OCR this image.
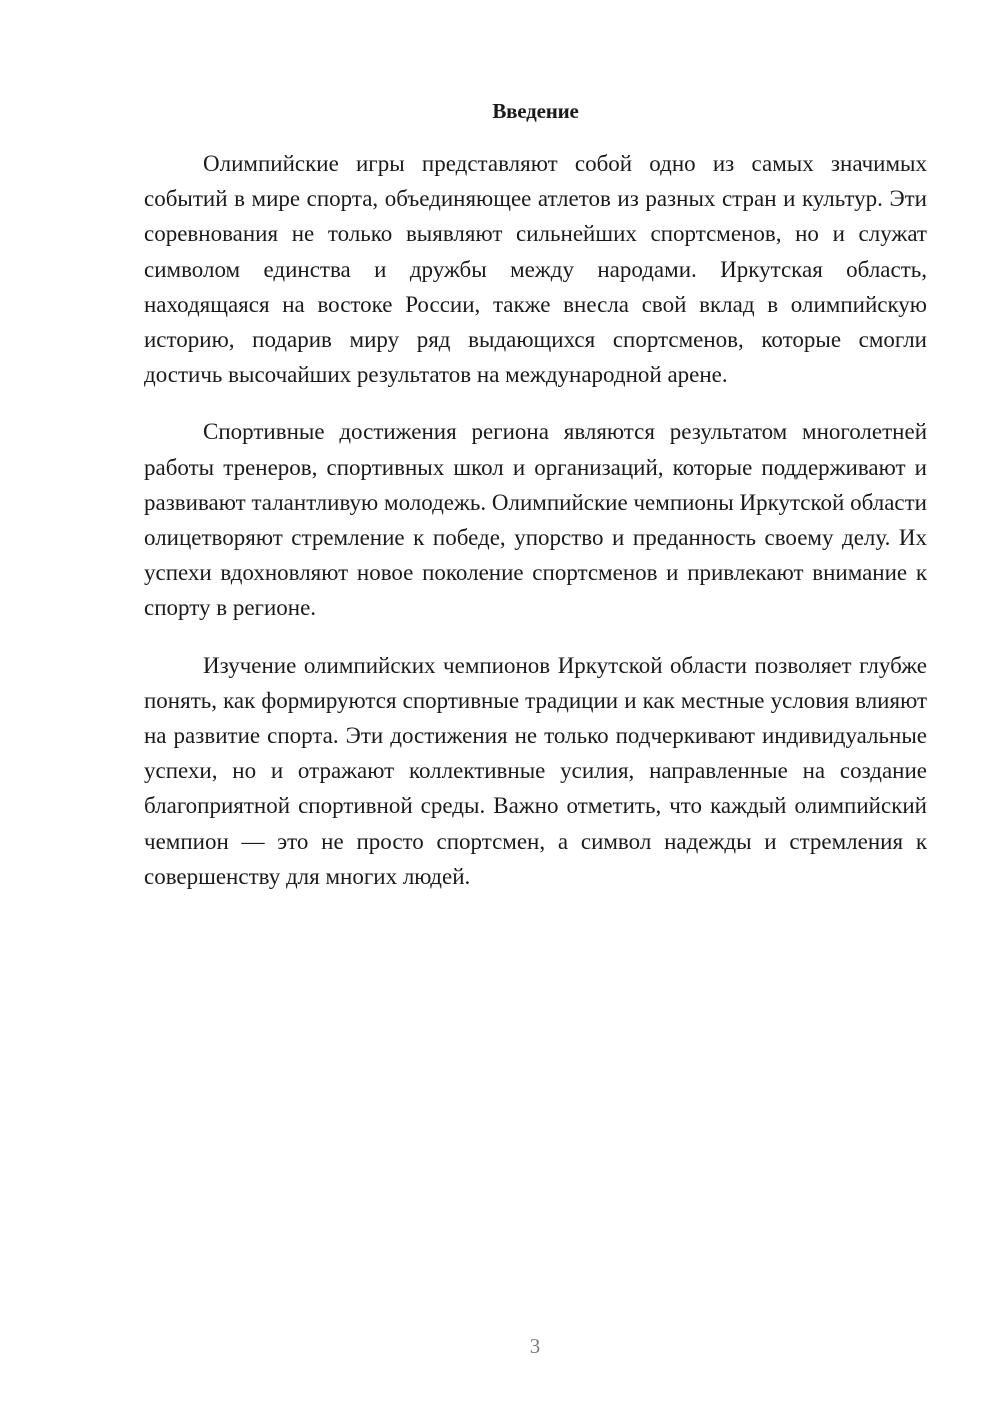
Введение

Олимпийские игры представляют собой одно из самых значимых событий в мире спорта, объединяющее атлетов из разных стран и культур. Эти соревнования не только выявляют сильнейших спортсменов, но и служат символом единства и дружбы между народами. Иркутская область, находящаяся на востоке России, также внесла свой вклад в олимпийскую историю, подарив миру ряд выдающихся спортсменов, которые смогли достичь высочайших результатов на международной арене.

Спортивные достижения региона являются результатом многолетней работы тренеров, спортивных школ и организаций, которые поддерживают и развивают талантливую молодежь. Олимпийские чемпионы Иркутской области олицетворяют стремление к победе, упорство и преданность своему делу. Их успехи вдохновляют новое поколение спортсменов и привлекают внимание к спорту в регионе.

Изучение олимпийских чемпионов Иркутской области позволяет глубже понять, как формируются спортивные традиции и как местные условия влияют на развитие спорта. Эти достижения не только подчеркивают индивидуальные успехи, но и отражают коллективные усилия, направленные на создание благоприятной спортивной среды. Важно отметить, что каждый олимпийский чемпион — это не просто спортсмен, а символ надежды и стремления к совершенству для многих людей.

3
